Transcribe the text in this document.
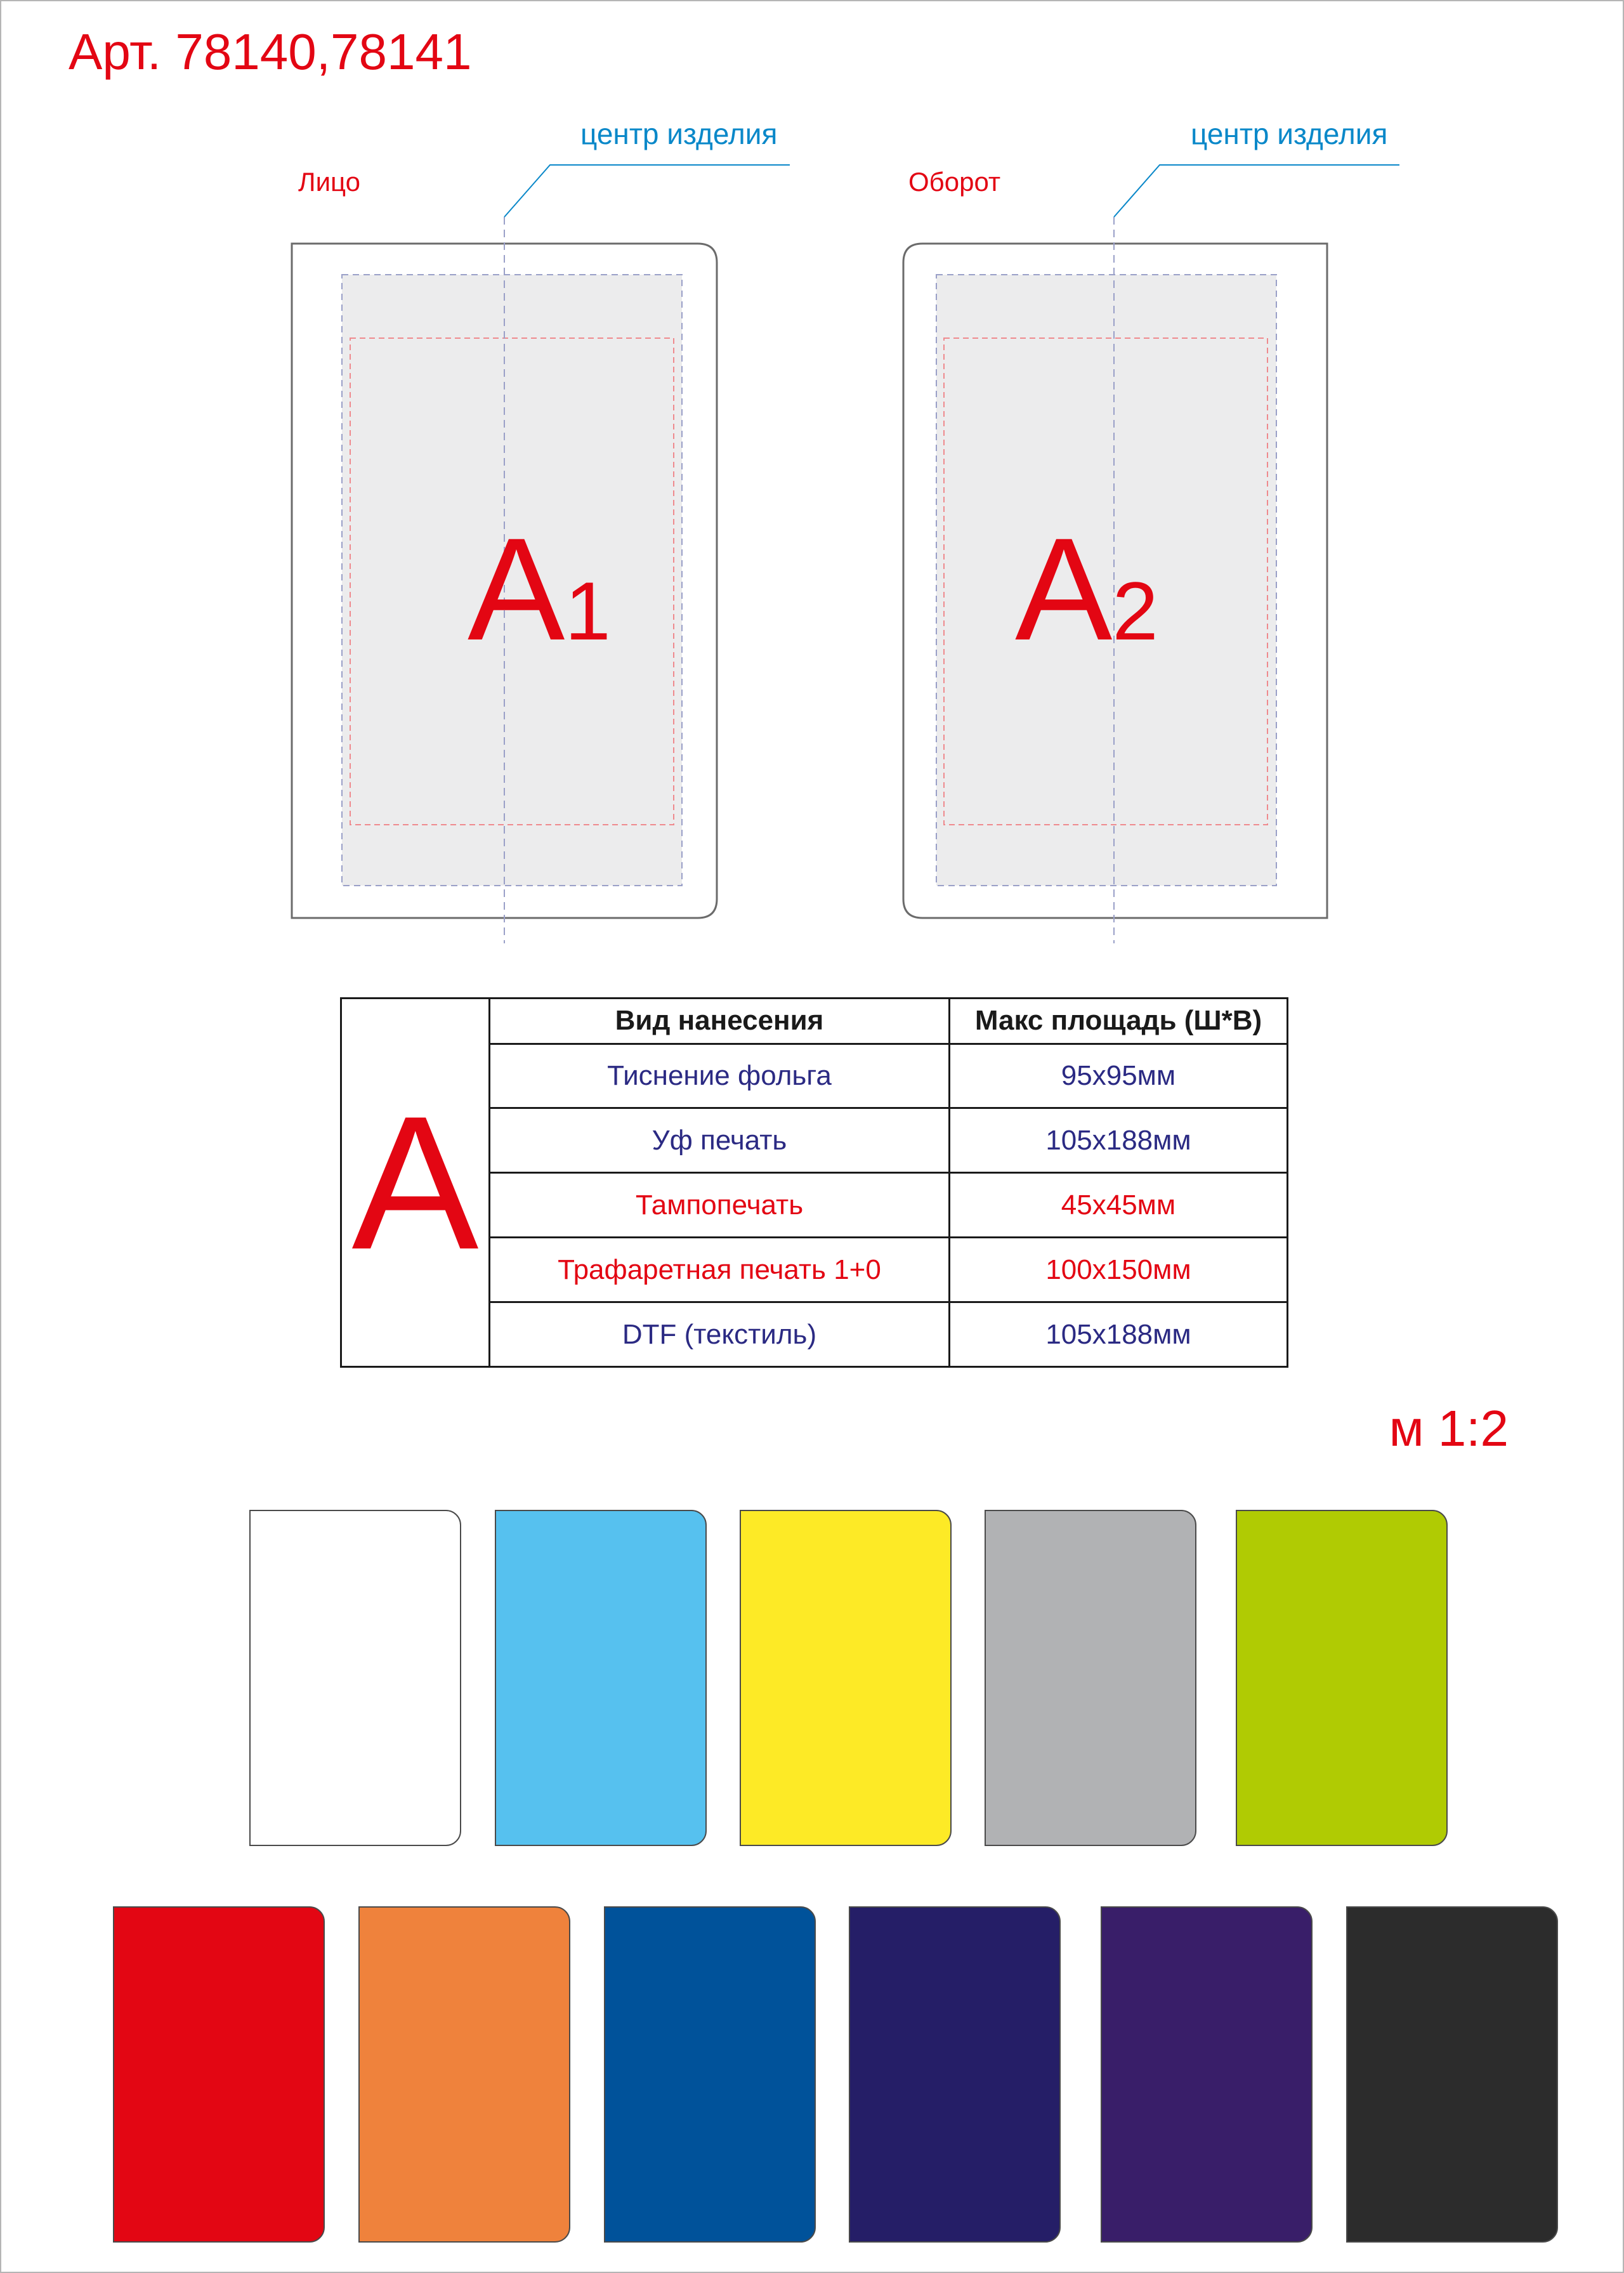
Арт. 78140,78141
Лицо
центр изделия
A1
Оборот
центр изделия
A2
A	Вид нанесения	Макс площадь (Ш*В)
	Тиснение фольга	95x95мм
	Уф печать	105x188мм
	Тампопечать	45x45мм
	Трафаретная печать 1+0	100x150мм
	DTF (текстиль)	105x188мм
м 1:2
